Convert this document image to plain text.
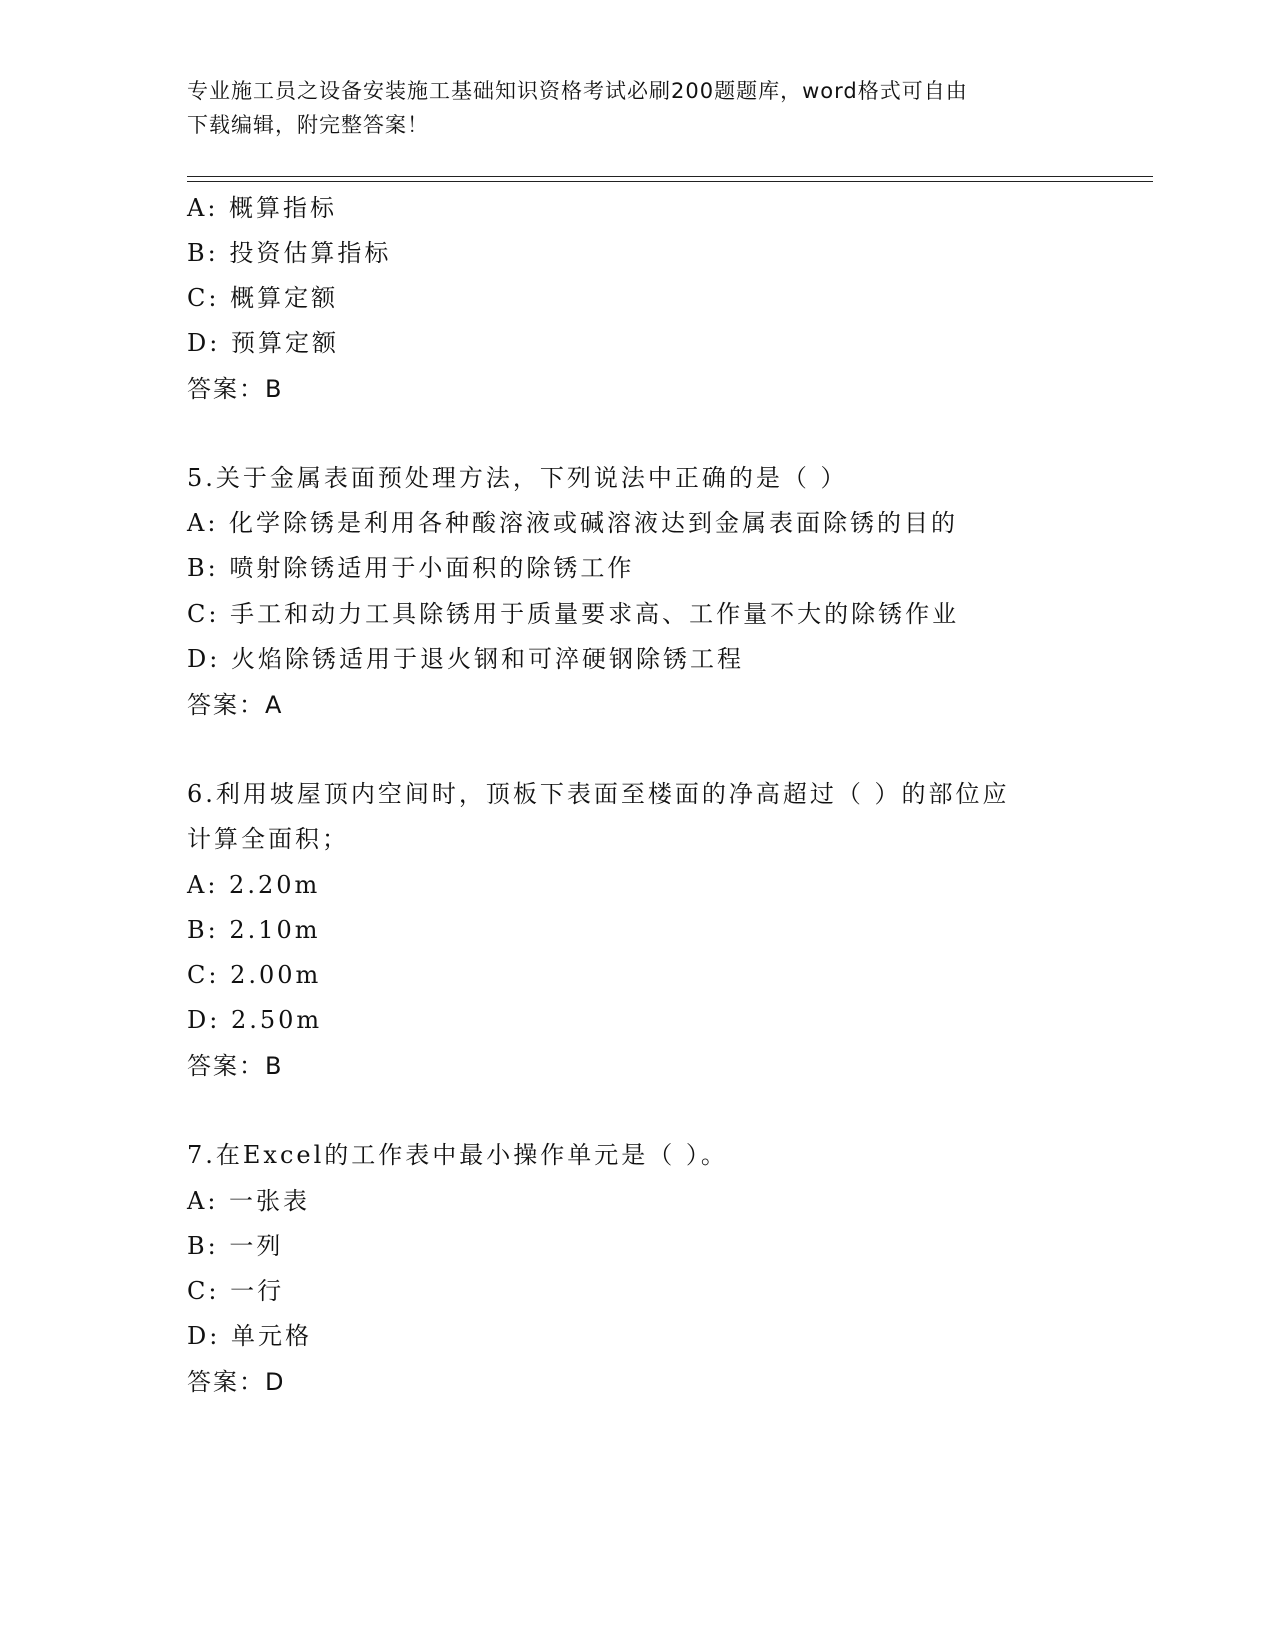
专业施工员之设备安装施工基础知识资格考试必刷200题题库，word格式可自由
下载编辑，附完整答案！
A: 概算指标
B: 投资估算指标
C: 概算定额
D: 预算定额
答案：B
5.关于金属表面预处理方法，下列说法中正确的是（ ）
A: 化学除锈是利用各种酸溶液或碱溶液达到金属表面除锈的目的
B: 喷射除锈适用于小面积的除锈工作
C: 手工和动力工具除锈用于质量要求高、工作量不大的除锈作业
D: 火焰除锈适用于退火钢和可淬硬钢除锈工程
答案：A
6.利用坡屋顶内空间时，顶板下表面至楼面的净高超过（ ）的部位应
计算全面积；
A: 2.20m
B: 2.10m
C: 2.00m
D: 2.50m
答案：B
7.在Excel的工作表中最小操作单元是（ ）。
A: 一张表
B: 一列
C: 一行
D: 单元格
答案：D
